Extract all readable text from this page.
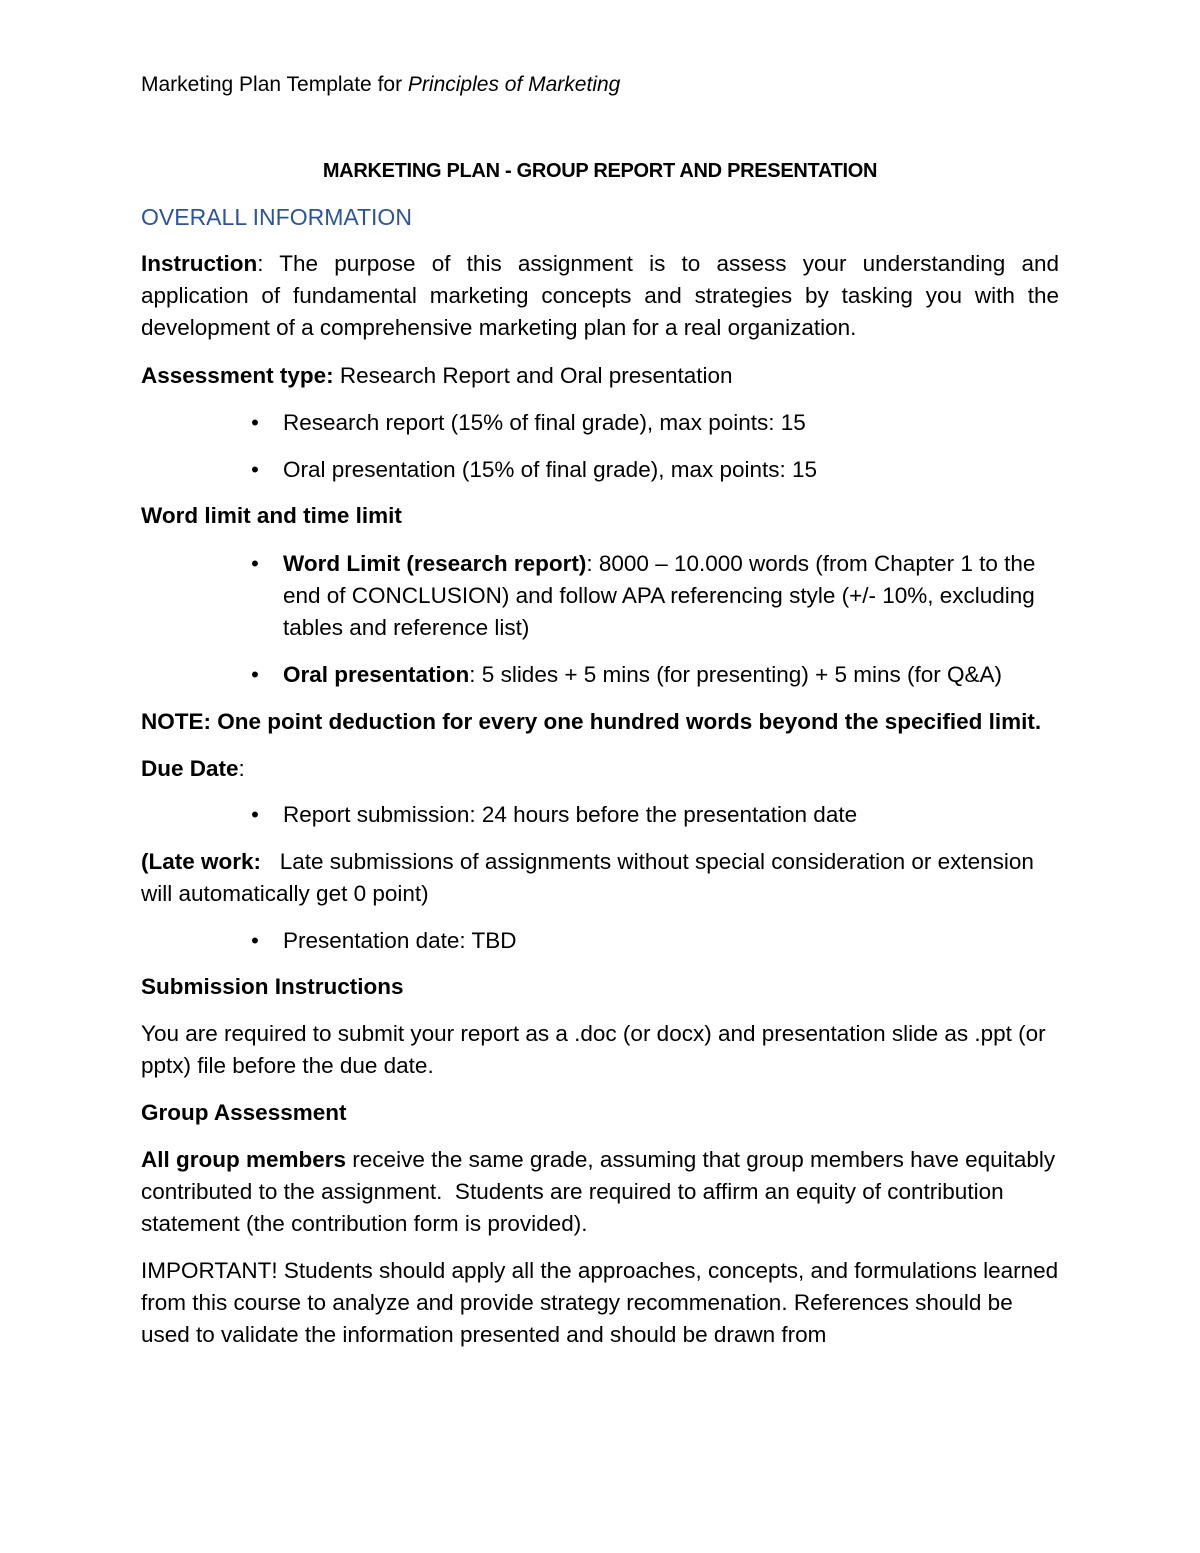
Marketing Plan Template for Principles of Marketing

MARKETING PLAN - GROUP REPORT AND PRESENTATION

OVERALL INFORMATION

Instruction: The purpose of this assignment is to assess your understanding and application of fundamental marketing concepts and strategies by tasking you with the development of a comprehensive marketing plan for a real organization.

Assessment type: Research Report and Oral presentation

• Research report (15% of final grade), max points: 15

• Oral presentation (15% of final grade), max points: 15

Word limit and time limit

• Word Limit (research report): 8000 – 10.000 words (from Chapter 1 to the end of CONCLUSION) and follow APA referencing style (+/- 10%, excluding tables and reference list)

• Oral presentation: 5 slides + 5 mins (for presenting) + 5 mins (for Q&A)

NOTE: One point deduction for every one hundred words beyond the specified limit.

Due Date:

• Report submission: 24 hours before the presentation date

(Late work:   Late submissions of assignments without special consideration or extension will automatically get 0 point)

• Presentation date: TBD

Submission Instructions

You are required to submit your report as a .doc (or docx) and presentation slide as .ppt (or pptx) file before the due date.

Group Assessment

All group members receive the same grade, assuming that group members have equitably contributed to the assignment.  Students are required to affirm an equity of contribution statement (the contribution form is provided).

IMPORTANT! Students should apply all the approaches, concepts, and formulations learned from this course to analyze and provide strategy recommenation. References should be used to validate the information presented and should be drawn from
